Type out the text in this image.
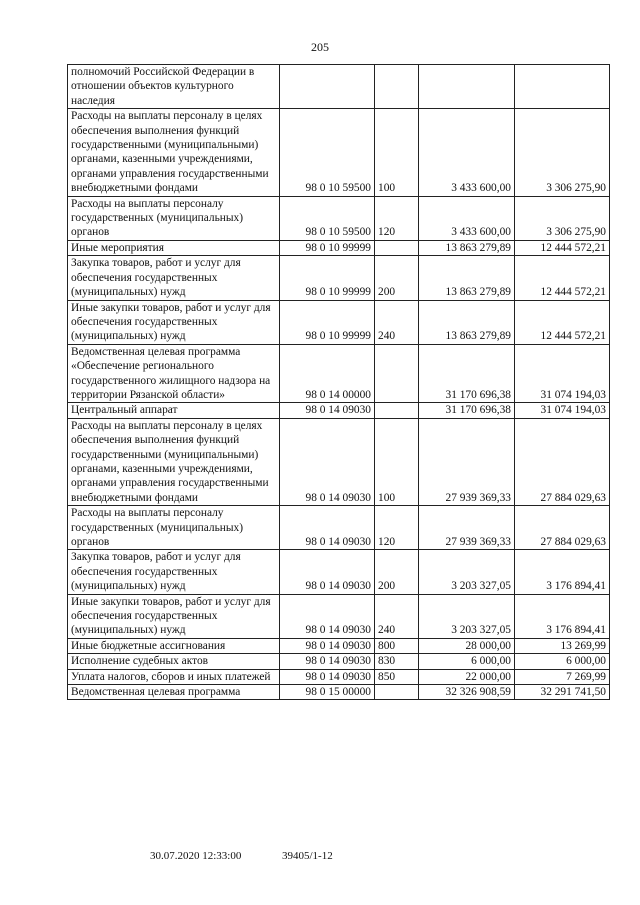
205
полномочий Российской Федерации в отношении объектов культурного наследия				
Расходы на выплаты персоналу в целях обеспечения выполнения функций государственными (муниципальными) органами, казенными учреждениями, органами управления государственными внебюджетными фондами	98 0 10 59500	100	3 433 600,00	3 306 275,90
Расходы на выплаты персоналу государственных (муниципальных) органов	98 0 10 59500	120	3 433 600,00	3 306 275,90
Иные мероприятия	98 0 10 99999		13 863 279,89	12 444 572,21
Закупка товаров, работ и услуг для обеспечения государственных (муниципальных) нужд	98 0 10 99999	200	13 863 279,89	12 444 572,21
Иные закупки товаров, работ и услуг для обеспечения государственных (муниципальных) нужд	98 0 10 99999	240	13 863 279,89	12 444 572,21
Ведомственная целевая программа «Обеспечение регионального государственного жилищного надзора на территории Рязанской области»	98 0 14 00000		31 170 696,38	31 074 194,03
Центральный аппарат	98 0 14 09030		31 170 696,38	31 074 194,03
Расходы на выплаты персоналу в целях обеспечения выполнения функций государственными (муниципальными) органами, казенными учреждениями, органами управления государственными внебюджетными фондами	98 0 14 09030	100	27 939 369,33	27 884 029,63
Расходы на выплаты персоналу государственных (муниципальных) органов	98 0 14 09030	120	27 939 369,33	27 884 029,63
Закупка товаров, работ и услуг для обеспечения государственных (муниципальных) нужд	98 0 14 09030	200	3 203 327,05	3 176 894,41
Иные закупки товаров, работ и услуг для обеспечения государственных (муниципальных) нужд	98 0 14 09030	240	3 203 327,05	3 176 894,41
Иные бюджетные ассигнования	98 0 14 09030	800	28 000,00	13 269,99
Исполнение судебных актов	98 0 14 09030	830	6 000,00	6 000,00
Уплата налогов, сборов и иных платежей	98 0 14 09030	850	22 000,00	7 269,99
Ведомственная целевая программа	98 0 15 00000		32 326 908,59	32 291 741,50
30.07.2020 12:33:00	39405/1-12
